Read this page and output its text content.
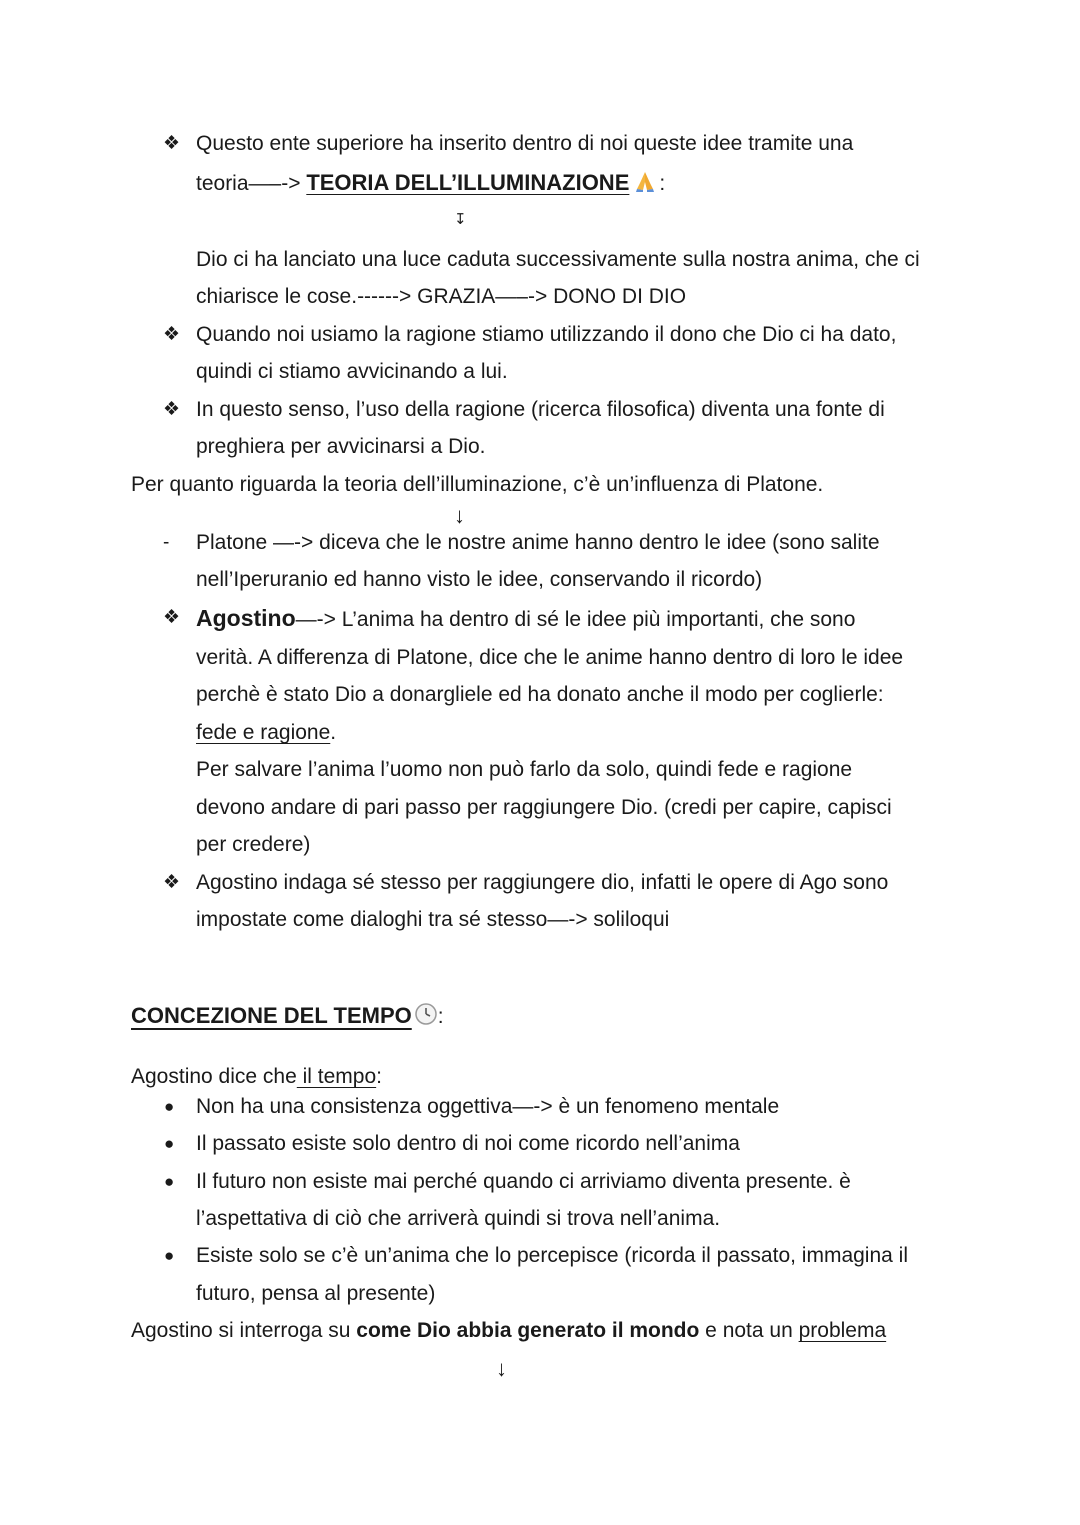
❖ Questo ente superiore ha inserito dentro di noi queste idee tramite una
teoria—–-> TEORIA DELL’ILLUMINAZIONE :
↧
Dio ci ha lanciato una luce caduta successivamente sulla nostra anima, che ci
chiarisce le cose.------> GRAZIA—–-> DONO DI DIO
❖ Quando noi usiamo la ragione stiamo utilizzando il dono che Dio ci ha dato,
quindi ci stiamo avvicinando a lui.
❖ In questo senso, l’uso della ragione (ricerca filosofica) diventa una fonte di
preghiera per avvicinarsi a Dio.
Per quanto riguarda la teoria dell’illuminazione, c’è un’influenza di Platone.
↓
- Platone —-> diceva che le nostre anime hanno dentro le idee (sono salite
nell’Iperuranio ed hanno visto le idee, conservando il ricordo)
❖ Agostino—-> L’anima ha dentro di sé le idee più importanti, che sono
verità. A differenza di Platone, dice che le anime hanno dentro di loro le idee
perchè è stato Dio a donargliele ed ha donato anche il modo per coglierle:
fede e ragione.
Per salvare l’anima l’uomo non può farlo da solo, quindi fede e ragione
devono andare di pari passo per raggiungere Dio. (credi per capire, capisci
per credere)
❖ Agostino indaga sé stesso per raggiungere dio, infatti le opere di Ago sono
impostate come dialoghi tra sé stesso—-> soliloqui
CONCEZIONE DEL TEMPO :
Agostino dice che il tempo:
● Non ha una consistenza oggettiva—-> è un fenomeno mentale
● Il passato esiste solo dentro di noi come ricordo nell’anima
● Il futuro non esiste mai perché quando ci arriviamo diventa presente. è
l’aspettativa di ciò che arriverà quindi si trova nell’anima.
● Esiste solo se c’è un’anima che lo percepisce (ricorda il passato, immagina il
futuro, pensa al presente)
Agostino si interroga su come Dio abbia generato il mondo e nota un problema
↓
